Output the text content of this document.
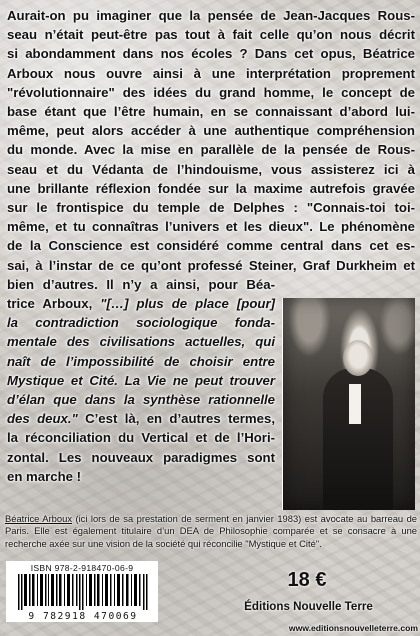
Aurait-on pu imaginer que la pensée de Jean-Jacques Rous-
seau n’était peut-être pas tout à fait celle qu’on nous décrit
si abondamment dans nos écoles ? Dans cet opus, Béatrice
Arboux nous ouvre ainsi à une interprétation proprement
"révolutionnaire" des idées du grand homme, le concept de
base étant que l’être humain, en se connaissant d’abord lui-
même, peut alors accéder à une authentique compréhension
du monde. Avec la mise en parallèle de la pensée de Rous-
seau et du Védanta de l’hindouisme, vous assisterez ici à
une brillante réflexion fondée sur la maxime autrefois gravée
sur le frontispice du temple de Delphes : "Connais-toi toi-
même, et tu connaîtras l’univers et les dieux". Le phénomène
de la Conscience est considéré comme central dans cet es-
sai, à l’instar de ce qu’ont professé Steiner, Graf Durkheim et
bien d’autres. Il n’y a ainsi, pour Béa-
trice Arboux, "[…] plus de place [pour]
la contradiction sociologique fonda-
mentale des civilisations actuelles, qui
naît de l’impossibilité de choisir entre
Mystique et Cité. La Vie ne peut trouver
d’élan que dans la synthèse rationnelle
des deux." C’est là, en d’autres termes,
la réconciliation du Vertical et de l’Hori-
zontal. Les nouveaux paradigmes sont
en marche !
Béatrice Arboux (ici lors de sa prestation de serment en janvier 1983) est avocate au barreau de Paris. Elle est également titulaire d’un DEA de Philosophie comparée et se consacre à une recherche axée sur une vision de la société qui réconcilie "Mystique et Cité".
ISBN 978-2-918470-06-9
9 782918 470069
18 €
Éditions Nouvelle Terre
www.editionsnouvelleterre.com
